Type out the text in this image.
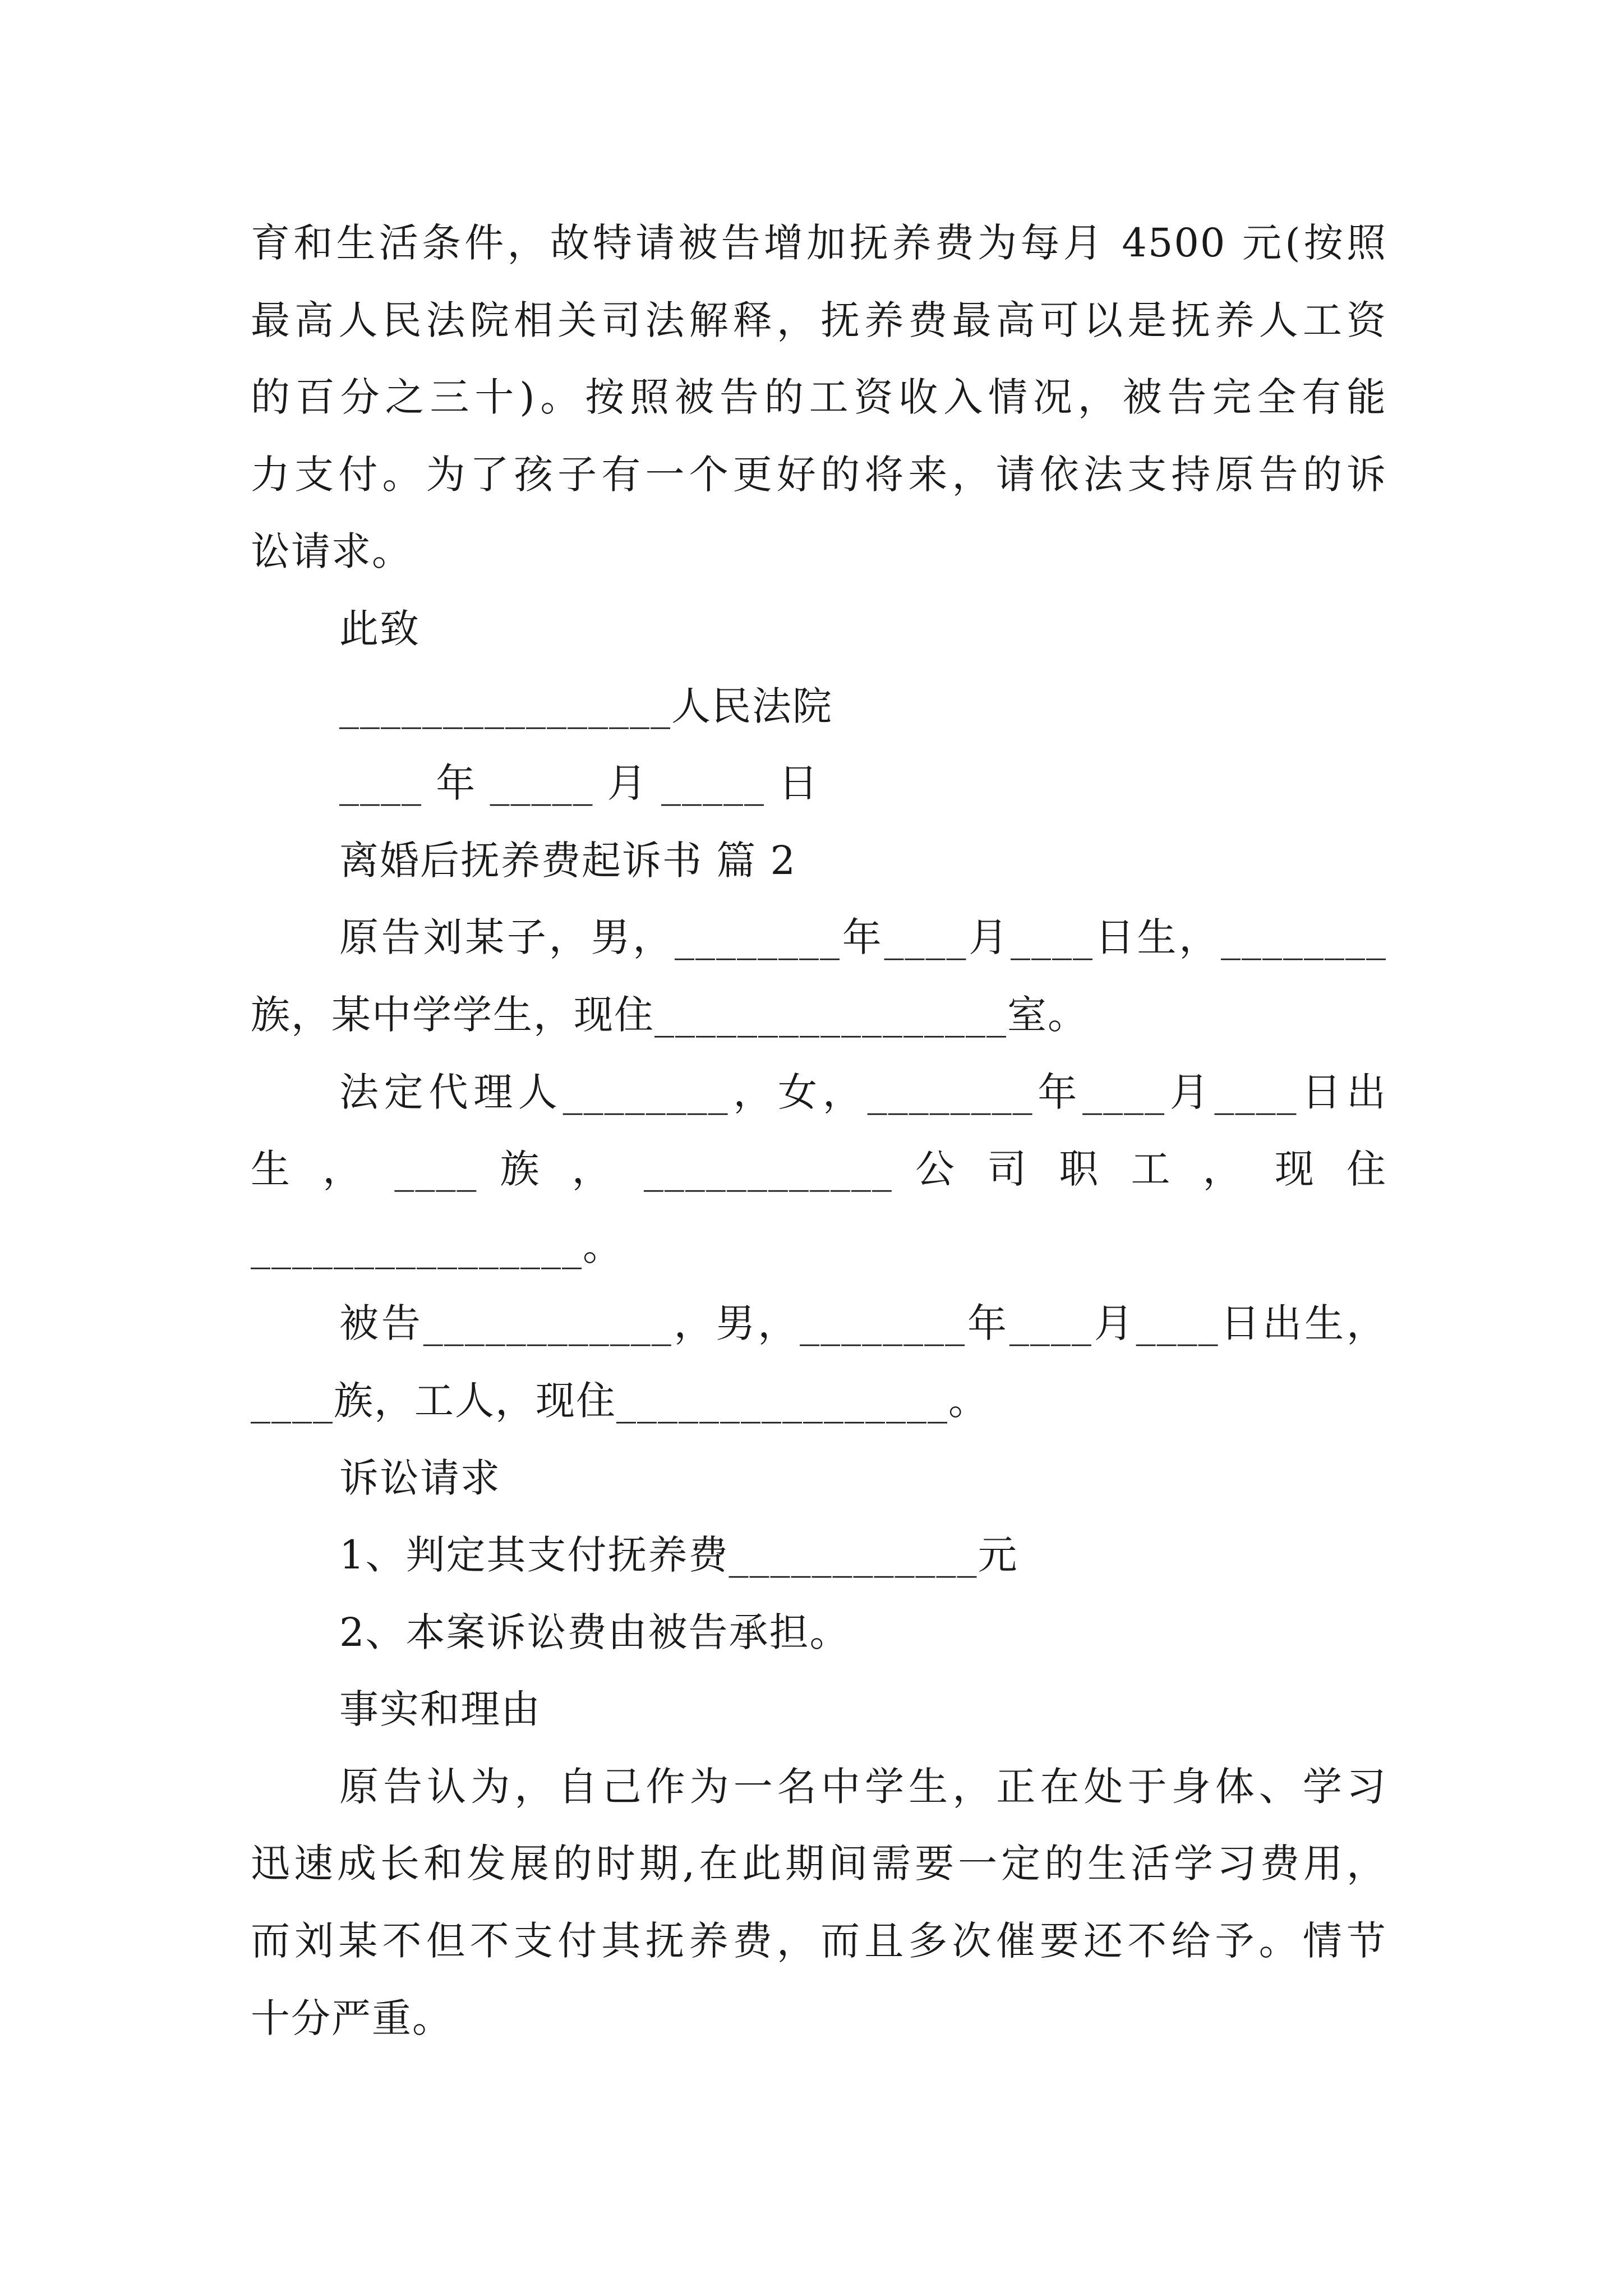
育和生活条件，故特请被告增加抚养费为每月 4500 元(按照
最高人民法院相关司法解释，抚养费最高可以是抚养人工资
的百分之三十)。按照被告的工资收入情况，被告完全有能
力支付。为了孩子有一个更好的将来，请依法支持原告的诉
讼请求。
此致
________________人民法院
____ 年 _____ 月 _____ 日
离婚后抚养费起诉书 篇 2
原告刘某子，男，________年____月____日生，________
族，某中学学生，现住_________________室。
法定代理人________，女，________年____月____日出
生 ， ____ 族 ， ____________ 公 司 职 工 ， 现 住
________________。
被告____________，男，________年____月____日出生，
____族，工人，现住________________。
诉讼请求
1、判定其支付抚养费____________元
2、本案诉讼费由被告承担。
事实和理由
原告认为，自己作为一名中学生，正在处于身体、学习
迅速成长和发展的时期,在此期间需要一定的生活学习费用，
而刘某不但不支付其抚养费，而且多次催要还不给予。情节
十分严重。
